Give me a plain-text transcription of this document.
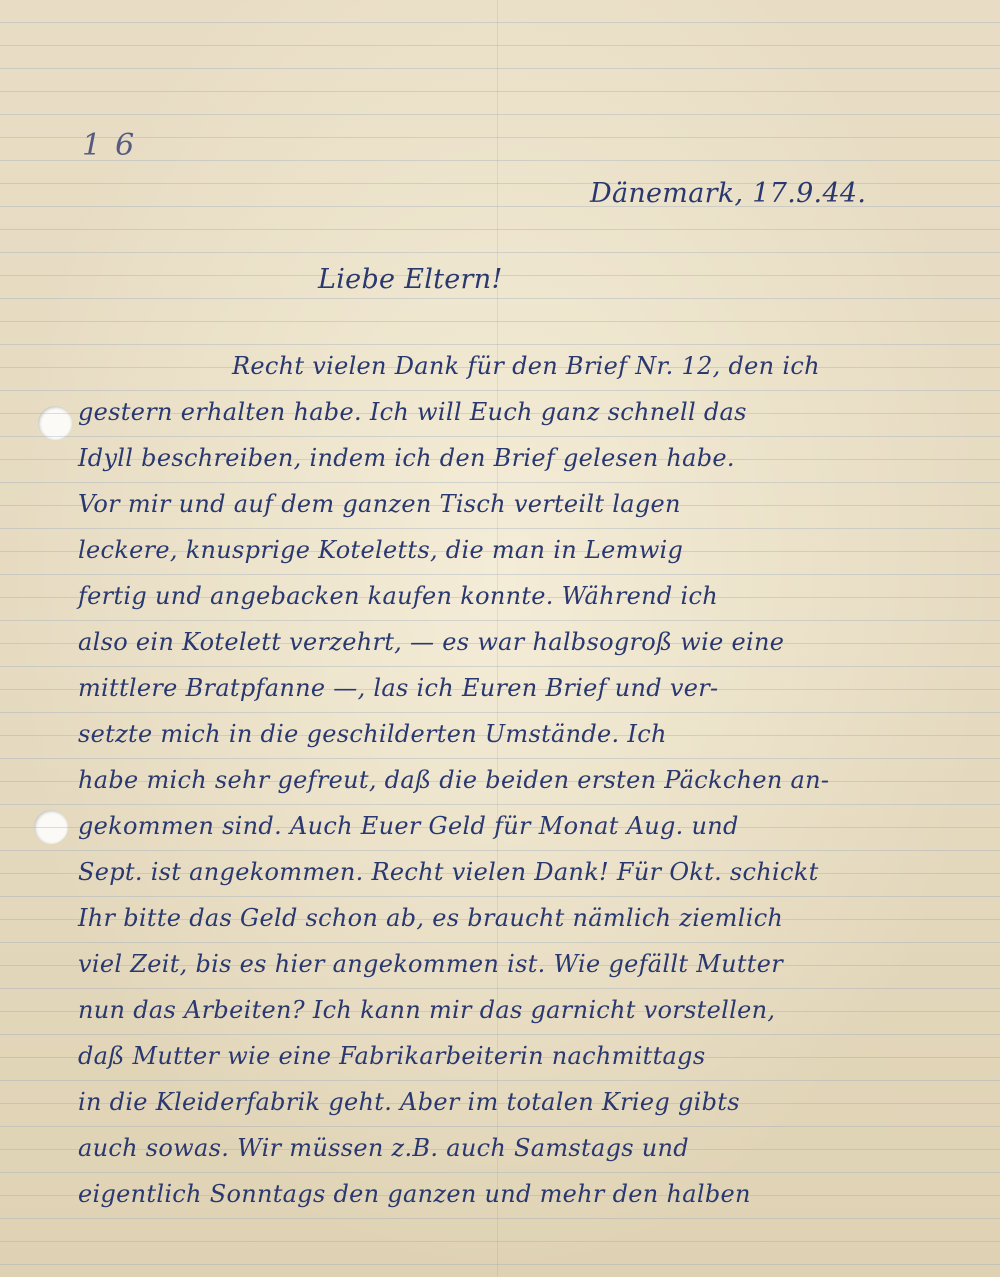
16
Dänemark, 17.9.44.
Liebe Eltern!
Recht vielen Dank für den Brief Nr. 12, den ich
gestern erhalten habe. Ich will Euch ganz schnell das
Idyll beschreiben, indem ich den Brief gelesen habe.
Vor mir und auf dem ganzen Tisch verteilt lagen
leckere, knusprige Koteletts, die man in Lemwig
fertig und angebacken kaufen konnte. Während ich
also ein Kotelett verzehrt, — es war halbsogroß wie eine
mittlere Bratpfanne —, las ich Euren Brief und ver-
setzte mich in die geschilderten Umstände. Ich
habe mich sehr gefreut, daß die beiden ersten Päckchen an-
gekommen sind. Auch Euer Geld für Monat Aug. und
Sept. ist angekommen. Recht vielen Dank! Für Okt. schickt
Ihr bitte das Geld schon ab, es braucht nämlich ziemlich
viel Zeit, bis es hier angekommen ist. Wie gefällt Mutter
nun das Arbeiten? Ich kann mir das garnicht vorstellen,
daß Mutter wie eine Fabrikarbeiterin nachmittags
in die Kleiderfabrik geht. Aber im totalen Krieg gibts
auch sowas. Wir müssen z.B. auch Samstags und
eigentlich Sonntags den ganzen und mehr den halben
